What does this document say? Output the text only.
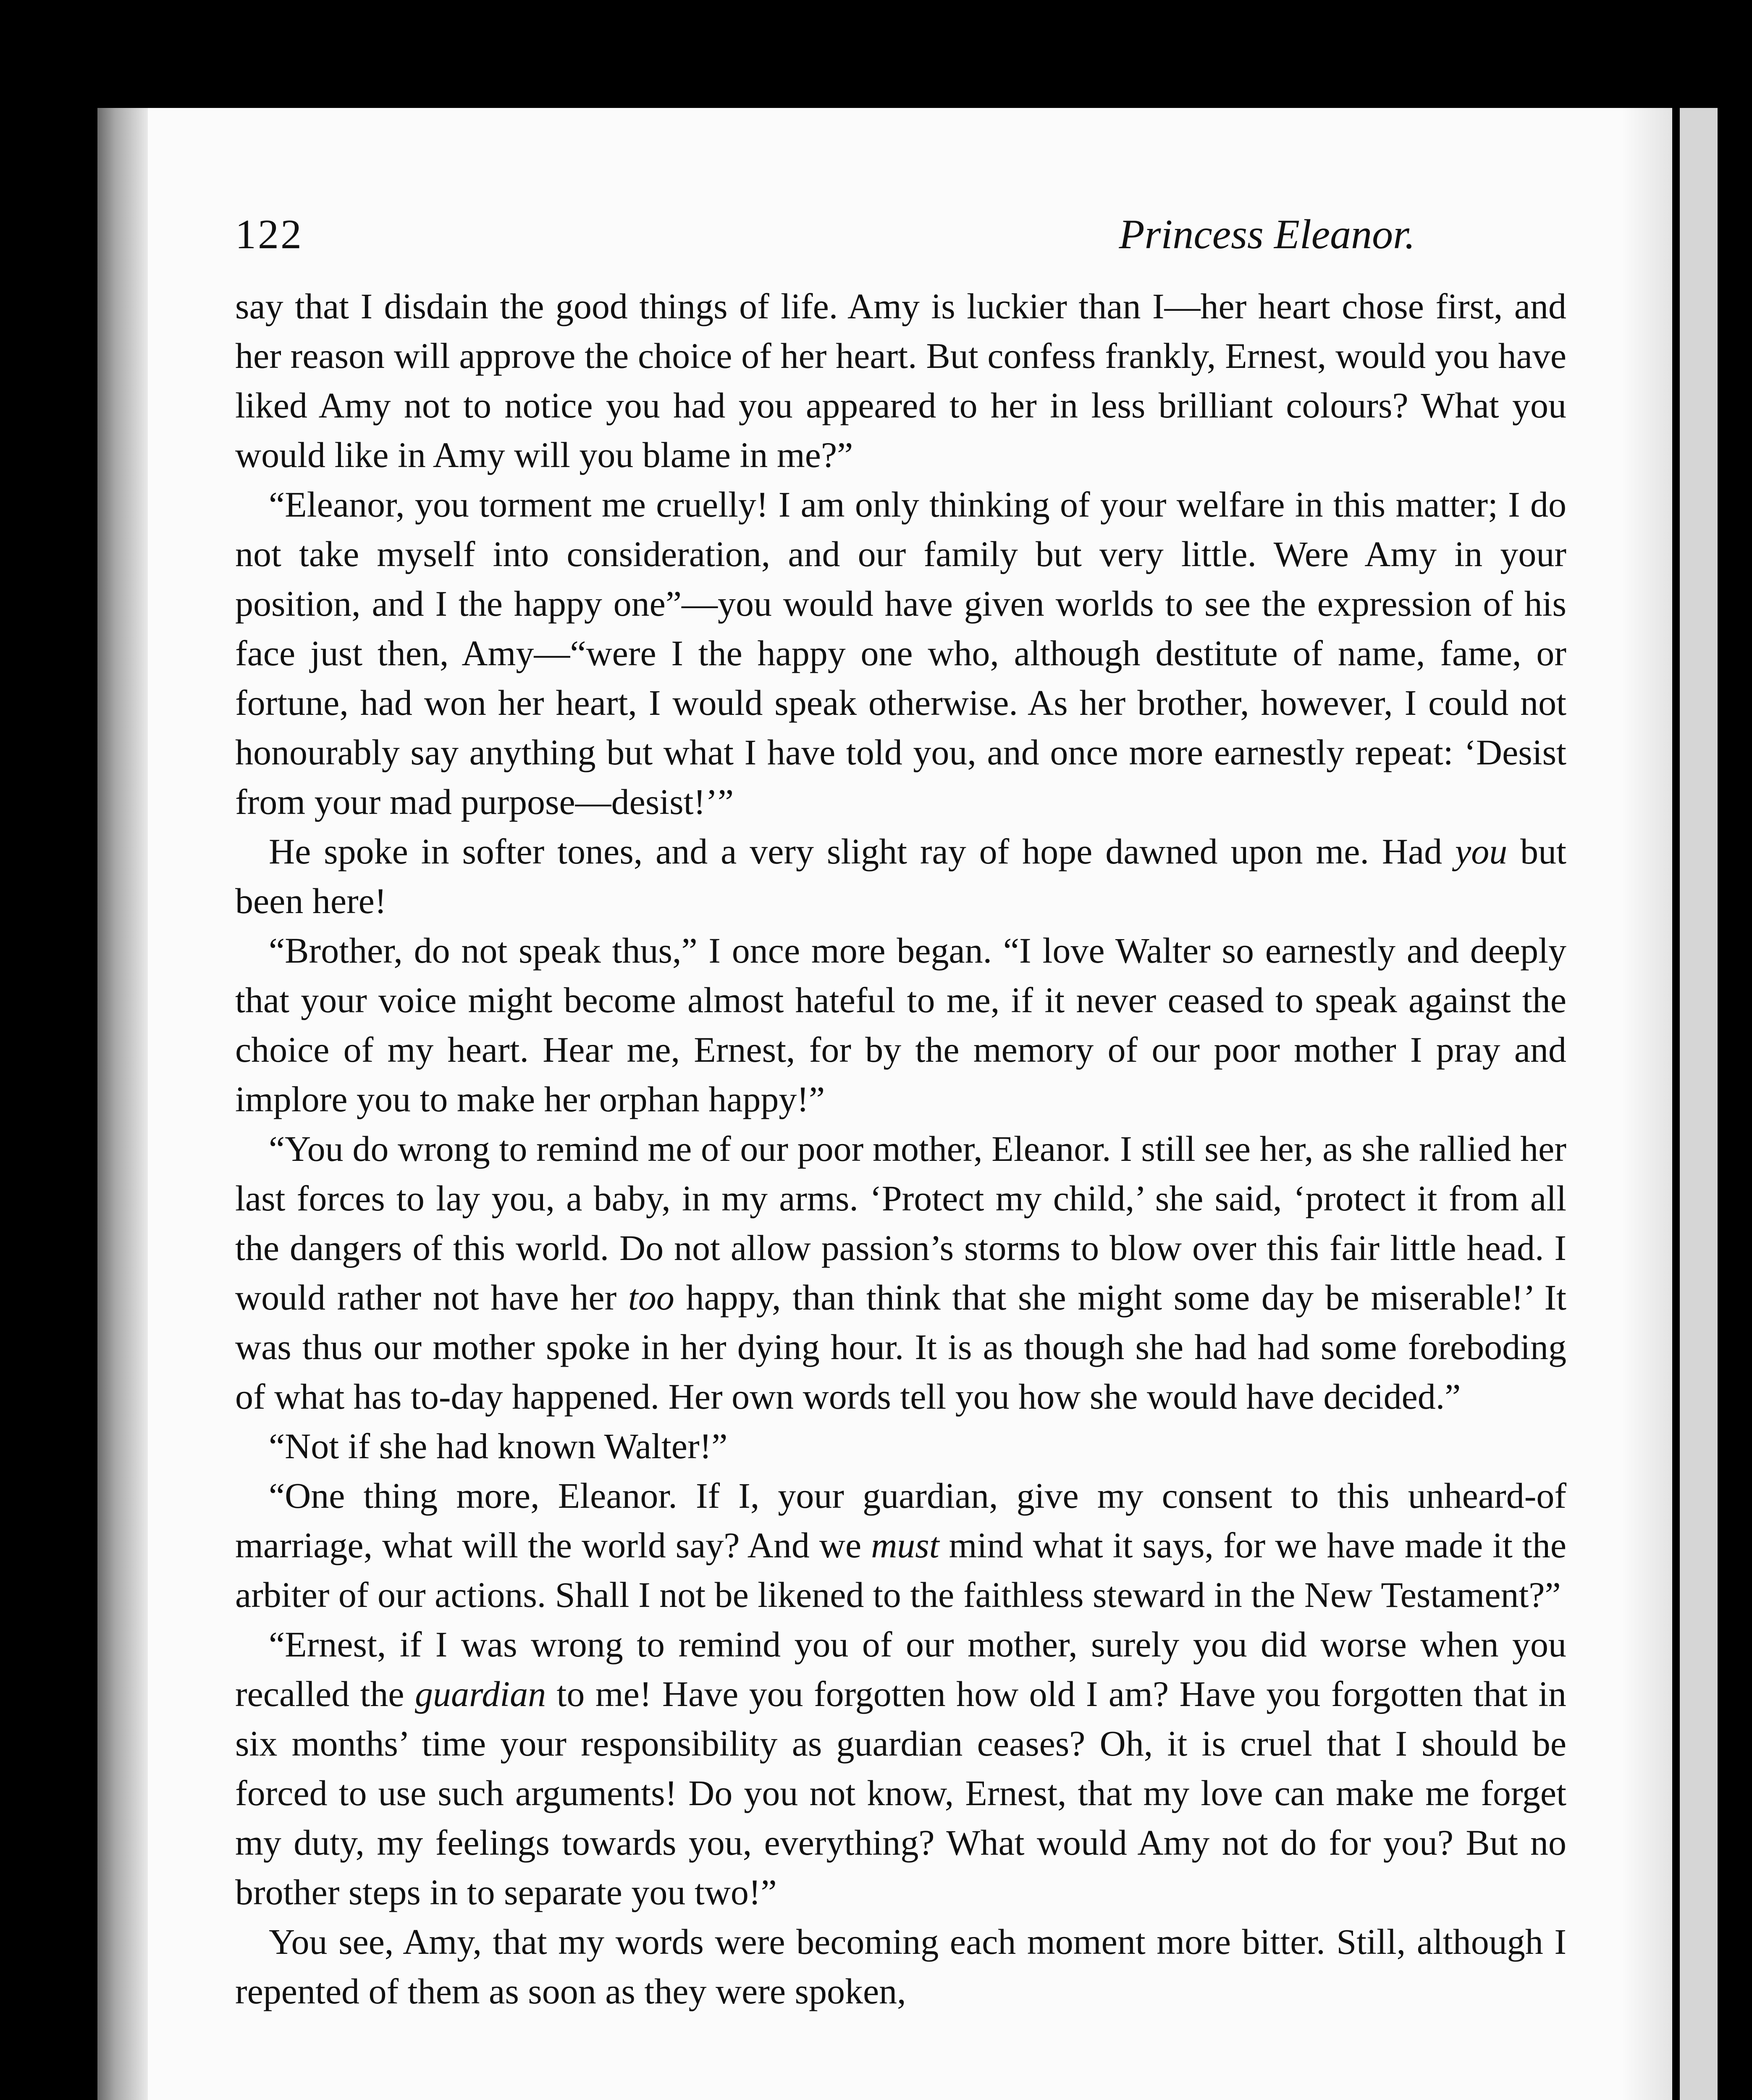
122	Princess Eleanor.

say that I disdain the good things of life. Amy is luckier than I—her heart chose first, and her reason will approve the choice of her heart. But confess frankly, Ernest, would you have liked Amy not to notice you had you appeared to her in less brilliant colours? What you would like in Amy will you blame in me?”

“Eleanor, you torment me cruelly! I am only thinking of your welfare in this matter; I do not take myself into consideration, and our family but very little. Were Amy in your position, and I the happy one”—you would have given worlds to see the expression of his face just then, Amy—“were I the happy one who, although destitute of name, fame, or fortune, had won her heart, I would speak otherwise. As her brother, however, I could not honourably say anything but what I have told you, and once more earnestly repeat: ‘Desist from your mad purpose—desist!’”

He spoke in softer tones, and a very slight ray of hope dawned upon me. Had you but been here!

“Brother, do not speak thus,” I once more began. “I love Walter so earnestly and deeply that your voice might become almost hateful to me, if it never ceased to speak against the choice of my heart. Hear me, Ernest, for by the memory of our poor mother I pray and implore you to make her orphan happy!”

“You do wrong to remind me of our poor mother, Eleanor. I still see her, as she rallied her last forces to lay you, a baby, in my arms. ‘Protect my child,’ she said, ‘protect it from all the dangers of this world. Do not allow passion’s storms to blow over this fair little head. I would rather not have her too happy, than think that she might some day be miserable!’ It was thus our mother spoke in her dying hour. It is as though she had had some foreboding of what has to-day happened. Her own words tell you how she would have decided.”

“Not if she had known Walter!”

“One thing more, Eleanor. If I, your guardian, give my consent to this unheard-of marriage, what will the world say? And we must mind what it says, for we have made it the arbiter of our actions. Shall I not be likened to the faithless steward in the New Testament?”

“Ernest, if I was wrong to remind you of our mother, surely you did worse when you recalled the guardian to me! Have you forgotten how old I am? Have you forgotten that in six months’ time your responsibility as guardian ceases? Oh, it is cruel that I should be forced to use such arguments! Do you not know, Ernest, that my love can make me forget my duty, my feelings towards you, everything? What would Amy not do for you? But no brother steps in to separate you two!”

You see, Amy, that my words were becoming each moment more bitter. Still, although I repented of them as soon as they were spoken,
